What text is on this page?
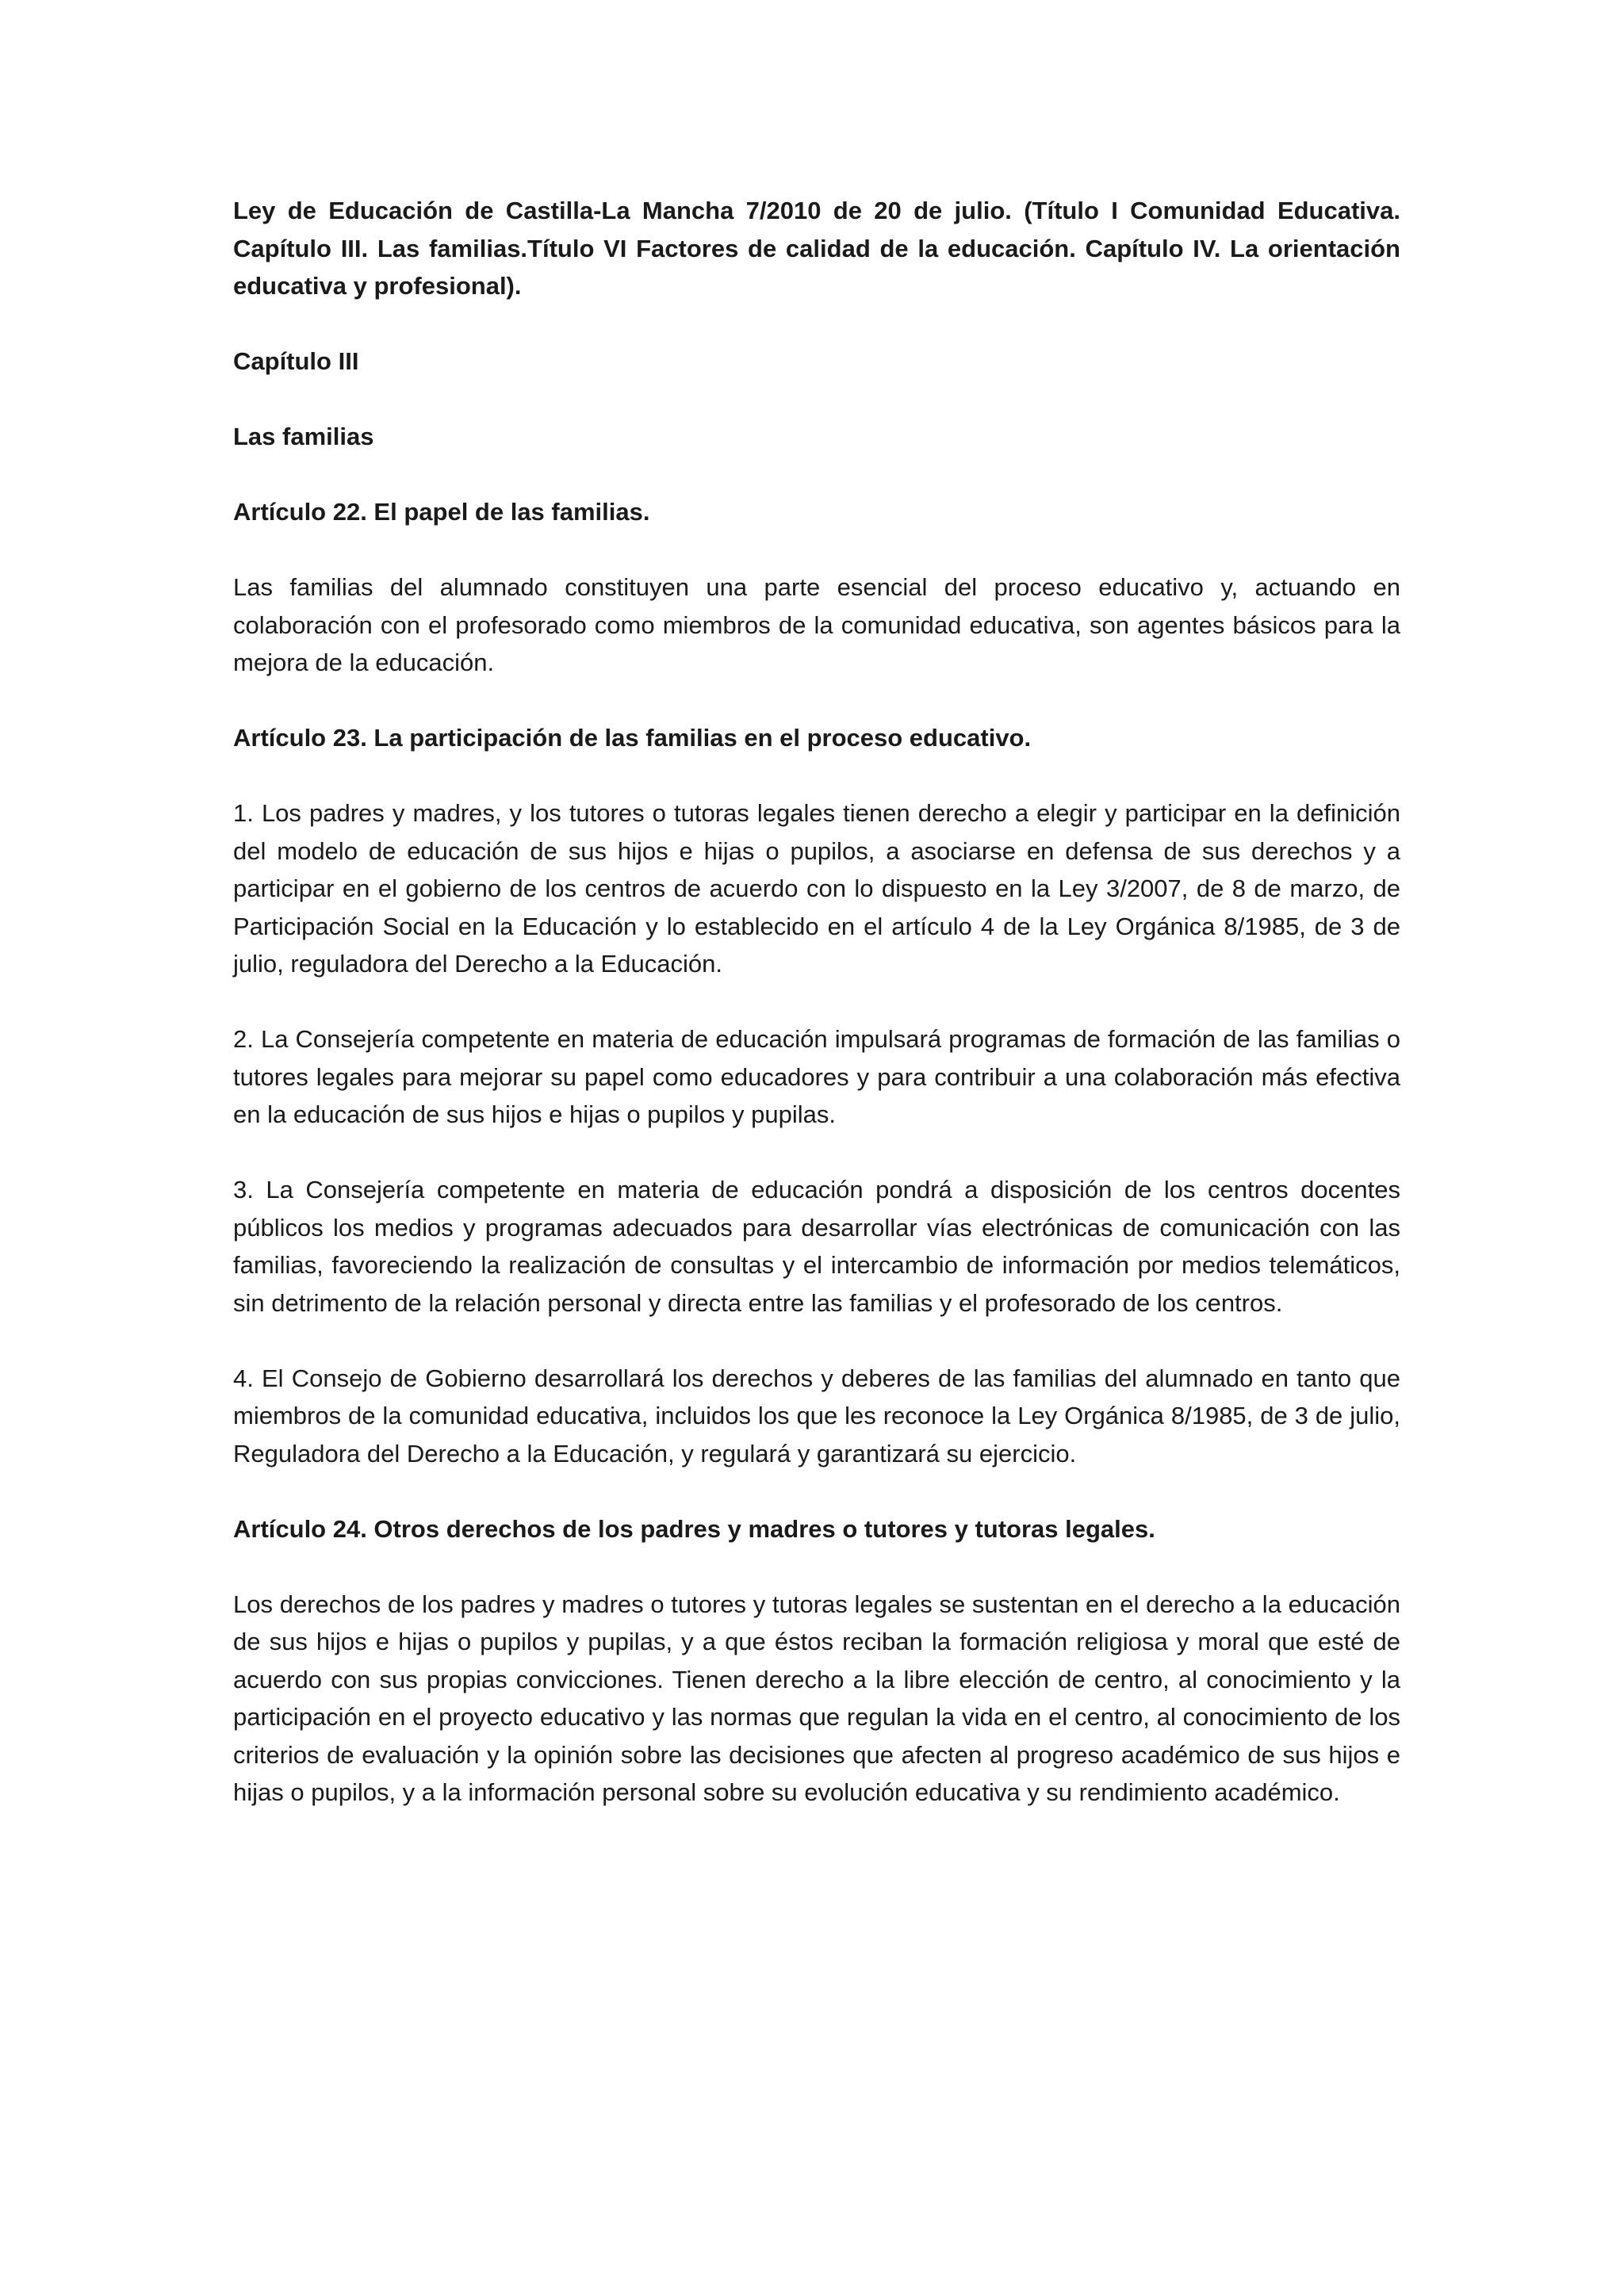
Ley de Educación de Castilla-La Mancha 7/2010 de 20 de julio. (Título I Comunidad Educativa. Capítulo III. Las familias.Título VI Factores de calidad de la educación. Capítulo IV. La orientación educativa y profesional).

Capítulo III

Las familias

Artículo 22. El papel de las familias.

Las familias del alumnado constituyen una parte esencial del proceso educativo y, actuando en colaboración con el profesorado como miembros de la comunidad educativa, son agentes básicos para la mejora de la educación.

Artículo 23. La participación de las familias en el proceso educativo.

1. Los padres y madres, y los tutores o tutoras legales tienen derecho a elegir y participar en la definición del modelo de educación de sus hijos e hijas o pupilos, a asociarse en defensa de sus derechos y a participar en el gobierno de los centros de acuerdo con lo dispuesto en la Ley 3/2007, de 8 de marzo, de Participación Social en la Educación y lo establecido en el artículo 4 de la Ley Orgánica 8/1985, de 3 de julio, reguladora del Derecho a la Educación.

2. La Consejería competente en materia de educación impulsará programas de formación de las familias o tutores legales para mejorar su papel como educadores y para contribuir a una colaboración más efectiva en la educación de sus hijos e hijas o pupilos y pupilas.

3. La Consejería competente en materia de educación pondrá a disposición de los centros docentes públicos los medios y programas adecuados para desarrollar vías electrónicas de comunicación con las familias, favoreciendo la realización de consultas y el intercambio de información por medios telemáticos, sin detrimento de la relación personal y directa entre las familias y el profesorado de los centros.

4. El Consejo de Gobierno desarrollará los derechos y deberes de las familias del alumnado en tanto que miembros de la comunidad educativa, incluidos los que les reconoce la Ley Orgánica 8/1985, de 3 de julio, Reguladora del Derecho a la Educación, y regulará y garantizará su ejercicio.

Artículo 24. Otros derechos de los padres y madres o tutores y tutoras legales.

Los derechos de los padres y madres o tutores y tutoras legales se sustentan en el derecho a la educación de sus hijos e hijas o pupilos y pupilas, y a que éstos reciban la formación religiosa y moral que esté de acuerdo con sus propias convicciones. Tienen derecho a la libre elección de centro, al conocimiento y la participación en el proyecto educativo y las normas que regulan la vida en el centro, al conocimiento de los criterios de evaluación y la opinión sobre las decisiones que afecten al progreso académico de sus hijos e hijas o pupilos, y a la información personal sobre su evolución educativa y su rendimiento académico.
